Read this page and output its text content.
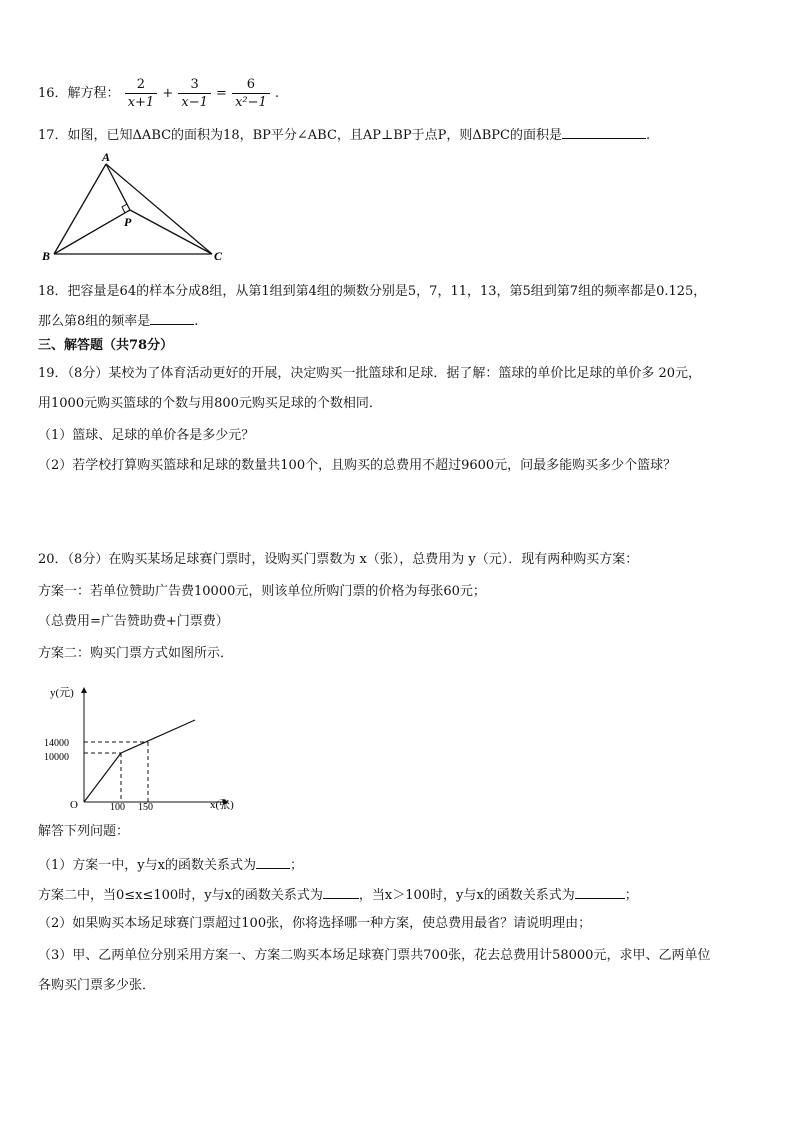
16．解方程： $\frac{2}{x+1} + \frac{3}{x-1} = \frac{6}{\text{x²−1}}$ .
17．如图，已知ΔABC的面积为18，BP平分∠ABC，且AP⊥BP于点P，则ΔBPC的面积是	.
A
B	C
P
18．把容量是64的样本分成8组，从第1组到第4组的频数分别是5，7，11，13，第5组到第7组的频率都是0.125，
那么第8组的频率是	.
三、解答题（共78分）
19．（8分）某校为了体育活动更好的开展，决定购买一批篮球和足球．据了解：篮球的单价比足球的单价多 20元，
用1000元购买篮球的个数与用800元购买足球的个数相同．
（1）篮球、足球的单价各是多少元？
（2）若学校打算购买篮球和足球的数量共100个，且购买的总费用不超过9600元，问最多能购买多少个篮球？
20．（8分）在购买某场足球赛门票时，设购买门票数为 x（张），总费用为 y（元）．现有两种购买方案：
方案一：若单位赞助广告费10000元，则该单位所购门票的价格为每张60元；
（总费用=广告赞助费+门票费）
方案二：购买门票方式如图所示．
y(元)
x(张)
O
14000
10000
100 150
解答下列问题：
（1）方案一中，y与x的函数关系式为	；
方案二中，当0≤x≤100时，y与x的函数关系式为	，当x＞100时，y与x的函数关系式为	；
（2）如果购买本场足球赛门票超过100张，你将选择哪一种方案，使总费用最省？请说明理由；
（3）甲、乙两单位分别采用方案一、方案二购买本场足球赛门票共700张，花去总费用计58000元，求甲、乙两单位
各购买门票多少张．
